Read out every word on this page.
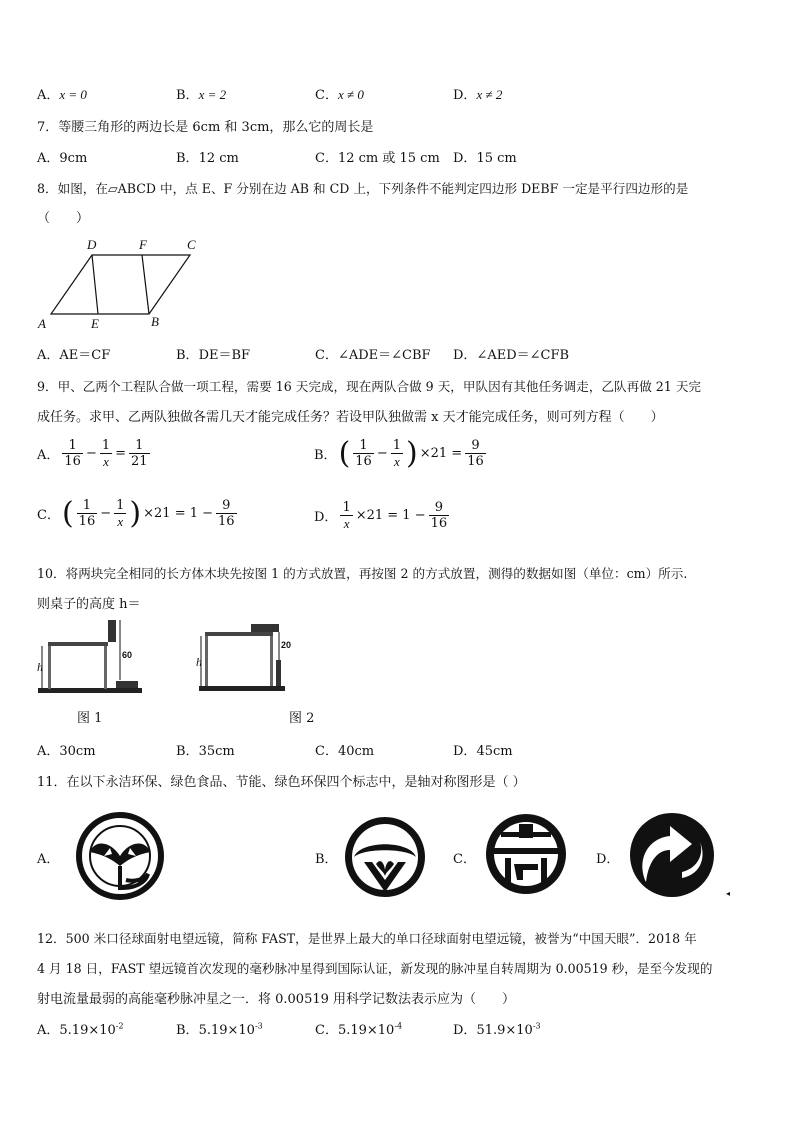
A．x = 0	B．x = 2	C．x ≠ 0	D．x ≠ 2
7．等腰三角形的两边长是 6cm 和 3cm，那么它的周长是
A．9cm	B．12 cm	C．12 cm 或 15 cm D．15 cm
8．如图，在▱ABCD 中，点 E、F 分别在边 AB 和 CD 上，下列条件不能判定四边形 DEBF 一定是平行四边形的是
（　　）
D	F	C
A	E	B
A．AE＝CF	B．DE＝BF	C．∠ADE＝∠CBF D．∠AED＝∠CFB
9．甲、乙两个工程队合做一项工程，需要 16 天完成，现在两队合做 9 天，甲队因有其他任务调走，乙队再做 21 天完
成任务。求甲、乙两队独做各需几天才能完成任务？若设甲队独做需 x 天才能完成任务，则可列方程（　　）
A． $\frac{1}{16} - \frac{1}{x} = \frac{1}{21}$	B． ( $\frac{1}{16} - \frac{1}{x}$ ) $\times 21 = \frac{9}{16}$
C． ( $\frac{1}{16} - \frac{1}{x}$ ) $\times 21 = 1 - \frac{9}{16}$	D． $\frac{1}{x} \times 21 = 1 - \frac{9}{16}$
10．将两块完全相同的长方体木块先按图 1 的方式放置，再按图 2 的方式放置，测得的数据如图（单位：cm）所示.
则桌子的高度 h＝
h
60
图 1
h
20
图 2
A．30cm	B．35cm	C．40cm	D．45cm
11．在以下永洁环保、绿色食品、节能、绿色环保四个标志中，是轴对称图形是（ ）
A．	B．	C．	D．
◂
12．500 米口径球面射电望远镜，简称 FAST，是世界上最大的单口径球面射电望远镜，被誉为“中国天眼”．2018 年
4 月 18 日，FAST 望远镜首次发现的毫秒脉冲星得到国际认证，新发现的脉冲星自转周期为 0.00519 秒，是至今发现的
射电流量最弱的高能毫秒脉冲星之一．将 0.00519 用科学记数法表示应为（　　）
A．$5.19\times 10^{-2}$	B．$5.19\times 10^{-3}$	C．$5.19\times 10^{-4}$	D．$51.9\times 10^{-3}$
